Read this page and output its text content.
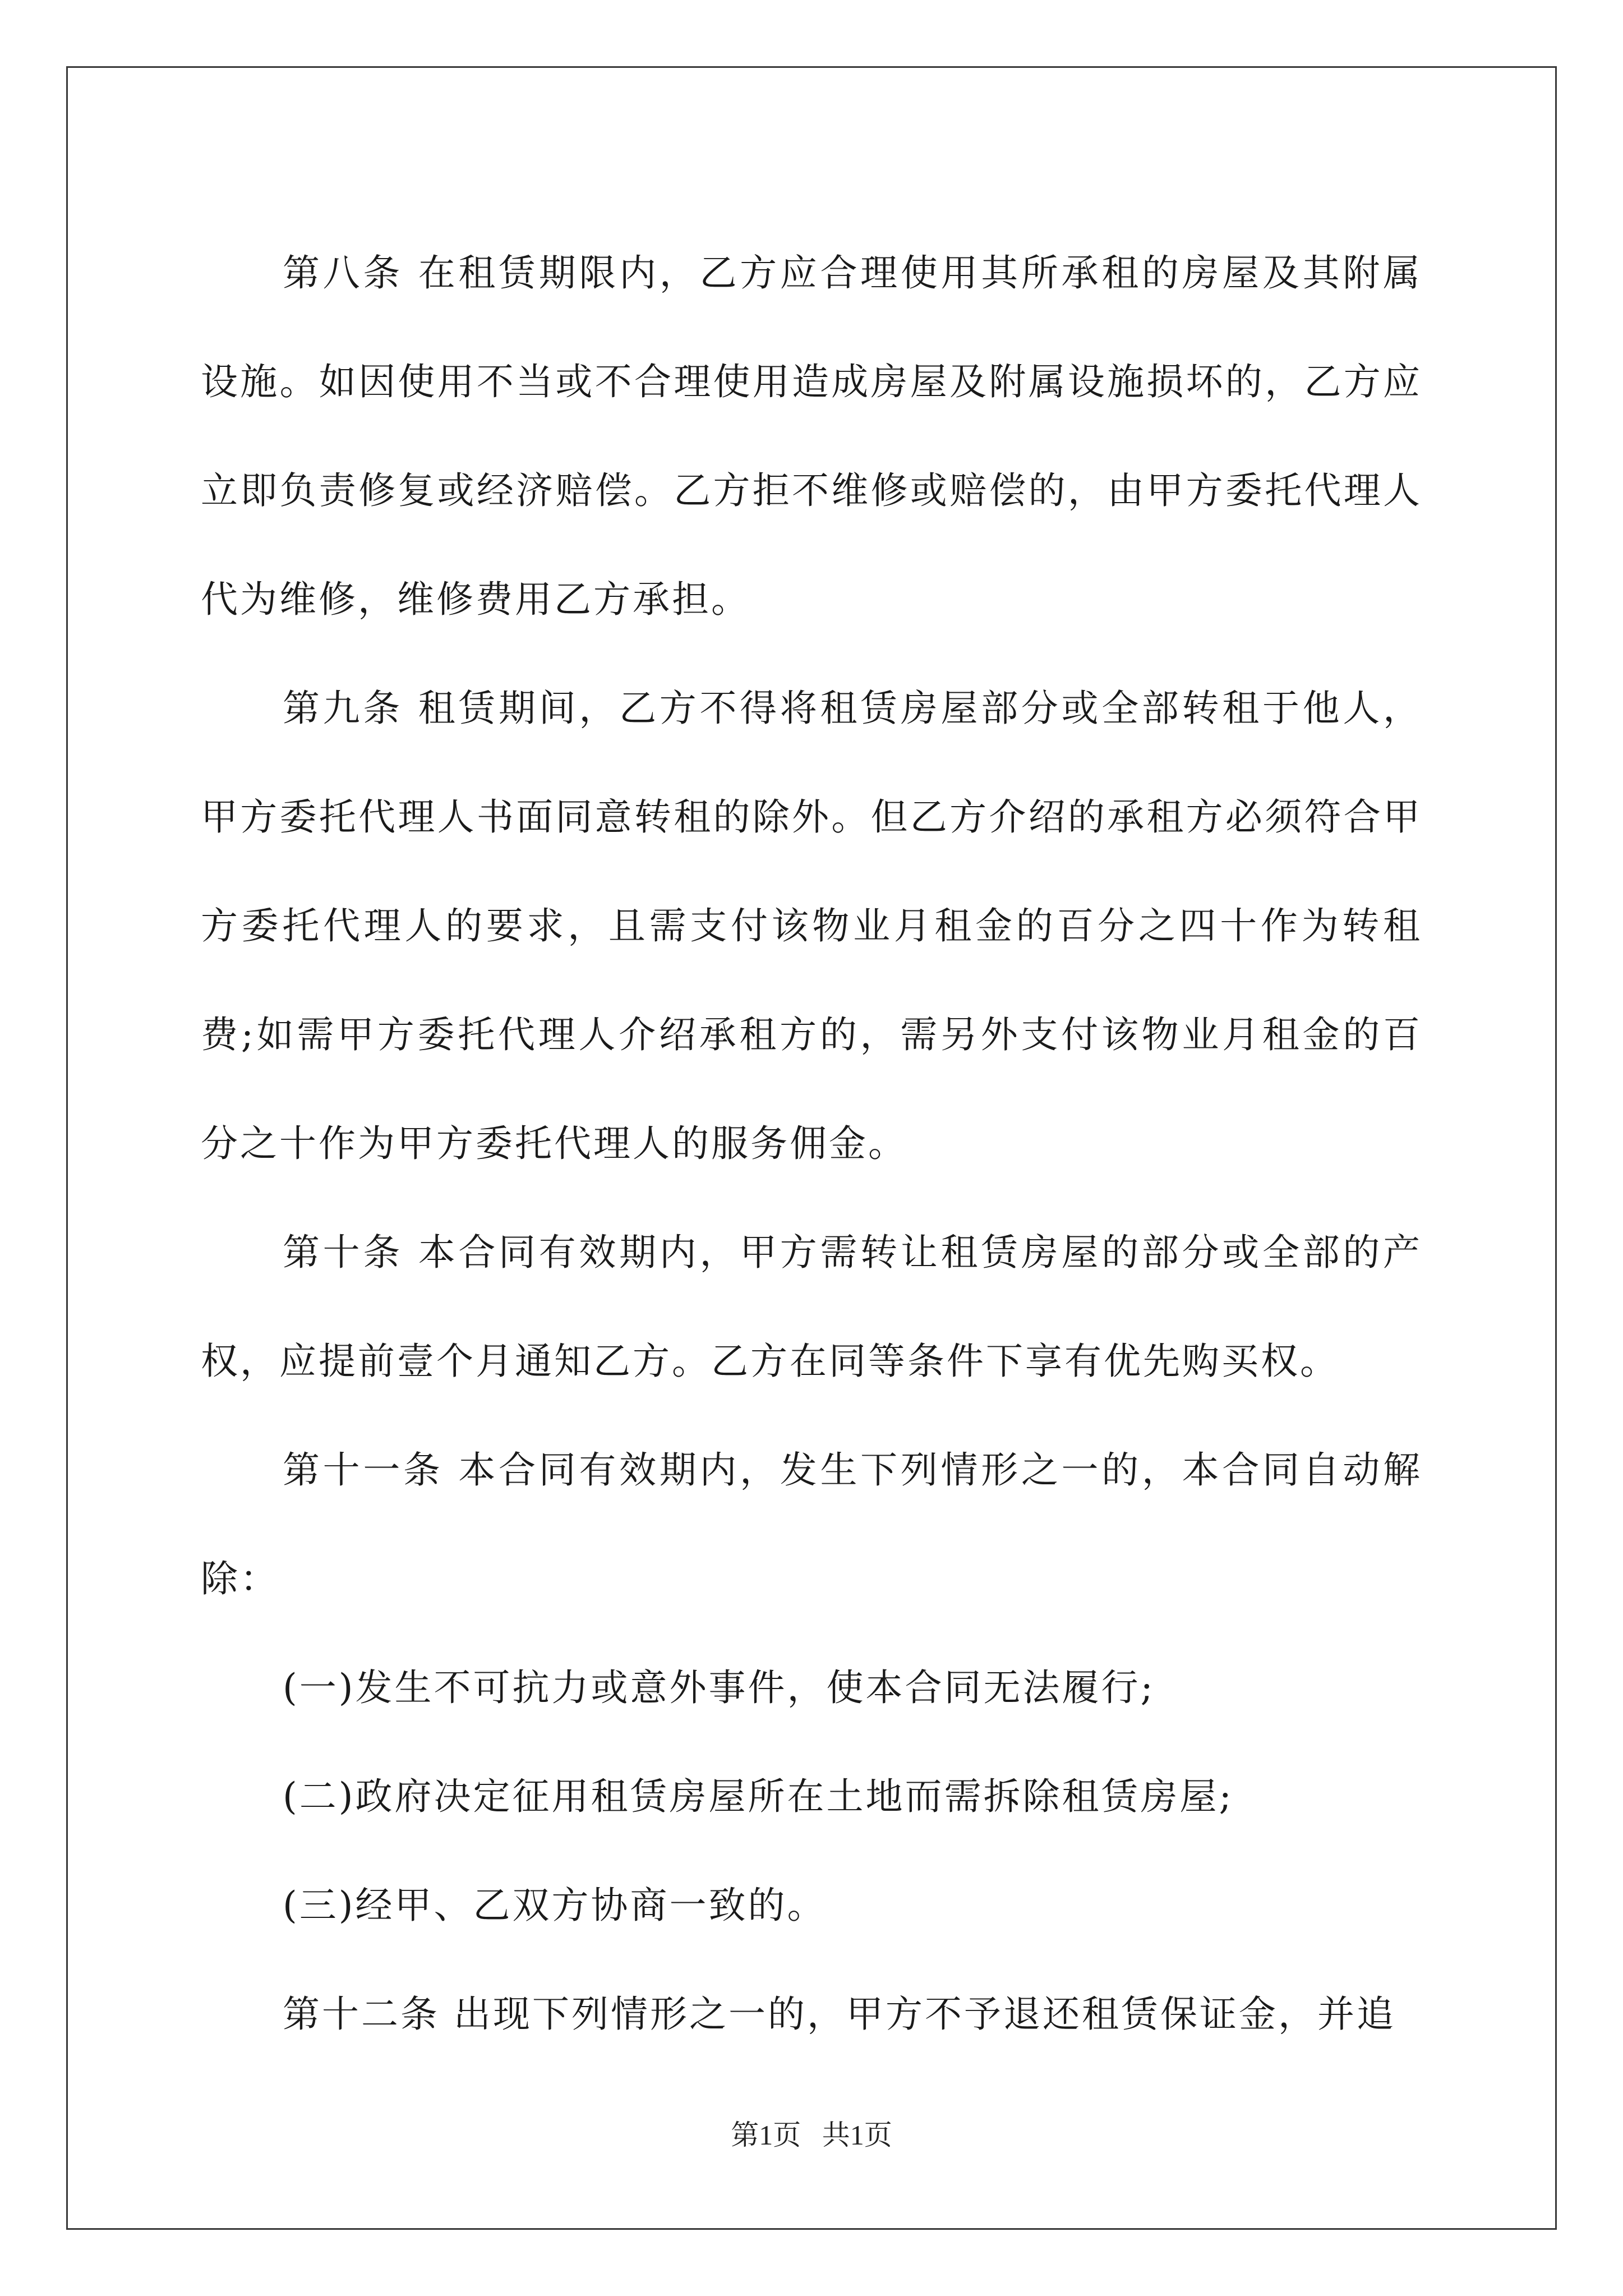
第八条 在租赁期限内，乙方应合理使用其所承租的房屋及其附属设施。如因使用不当或不合理使用造成房屋及附属设施损坏的，乙方应立即负责修复或经济赔偿。乙方拒不维修或赔偿的，由甲方委托代理人代为维修，维修费用乙方承担。

第九条 租赁期间，乙方不得将租赁房屋部分或全部转租于他人，甲方委托代理人书面同意转租的除外。但乙方介绍的承租方必须符合甲方委托代理人的要求，且需支付该物业月租金的百分之四十作为转租费;如需甲方委托代理人介绍承租方的，需另外支付该物业月租金的百分之十作为甲方委托代理人的服务佣金。

第十条 本合同有效期内，甲方需转让租赁房屋的部分或全部的产权，应提前壹个月通知乙方。乙方在同等条件下享有优先购买权。

第十一条 本合同有效期内，发生下列情形之一的，本合同自动解除：

(一)发生不可抗力或意外事件，使本合同无法履行;

(二)政府决定征用租赁房屋所在土地而需拆除租赁房屋;

(三)经甲、乙双方协商一致的。

第十二条 出现下列情形之一的，甲方不予退还租赁保证金，并追

第1页   共1页
